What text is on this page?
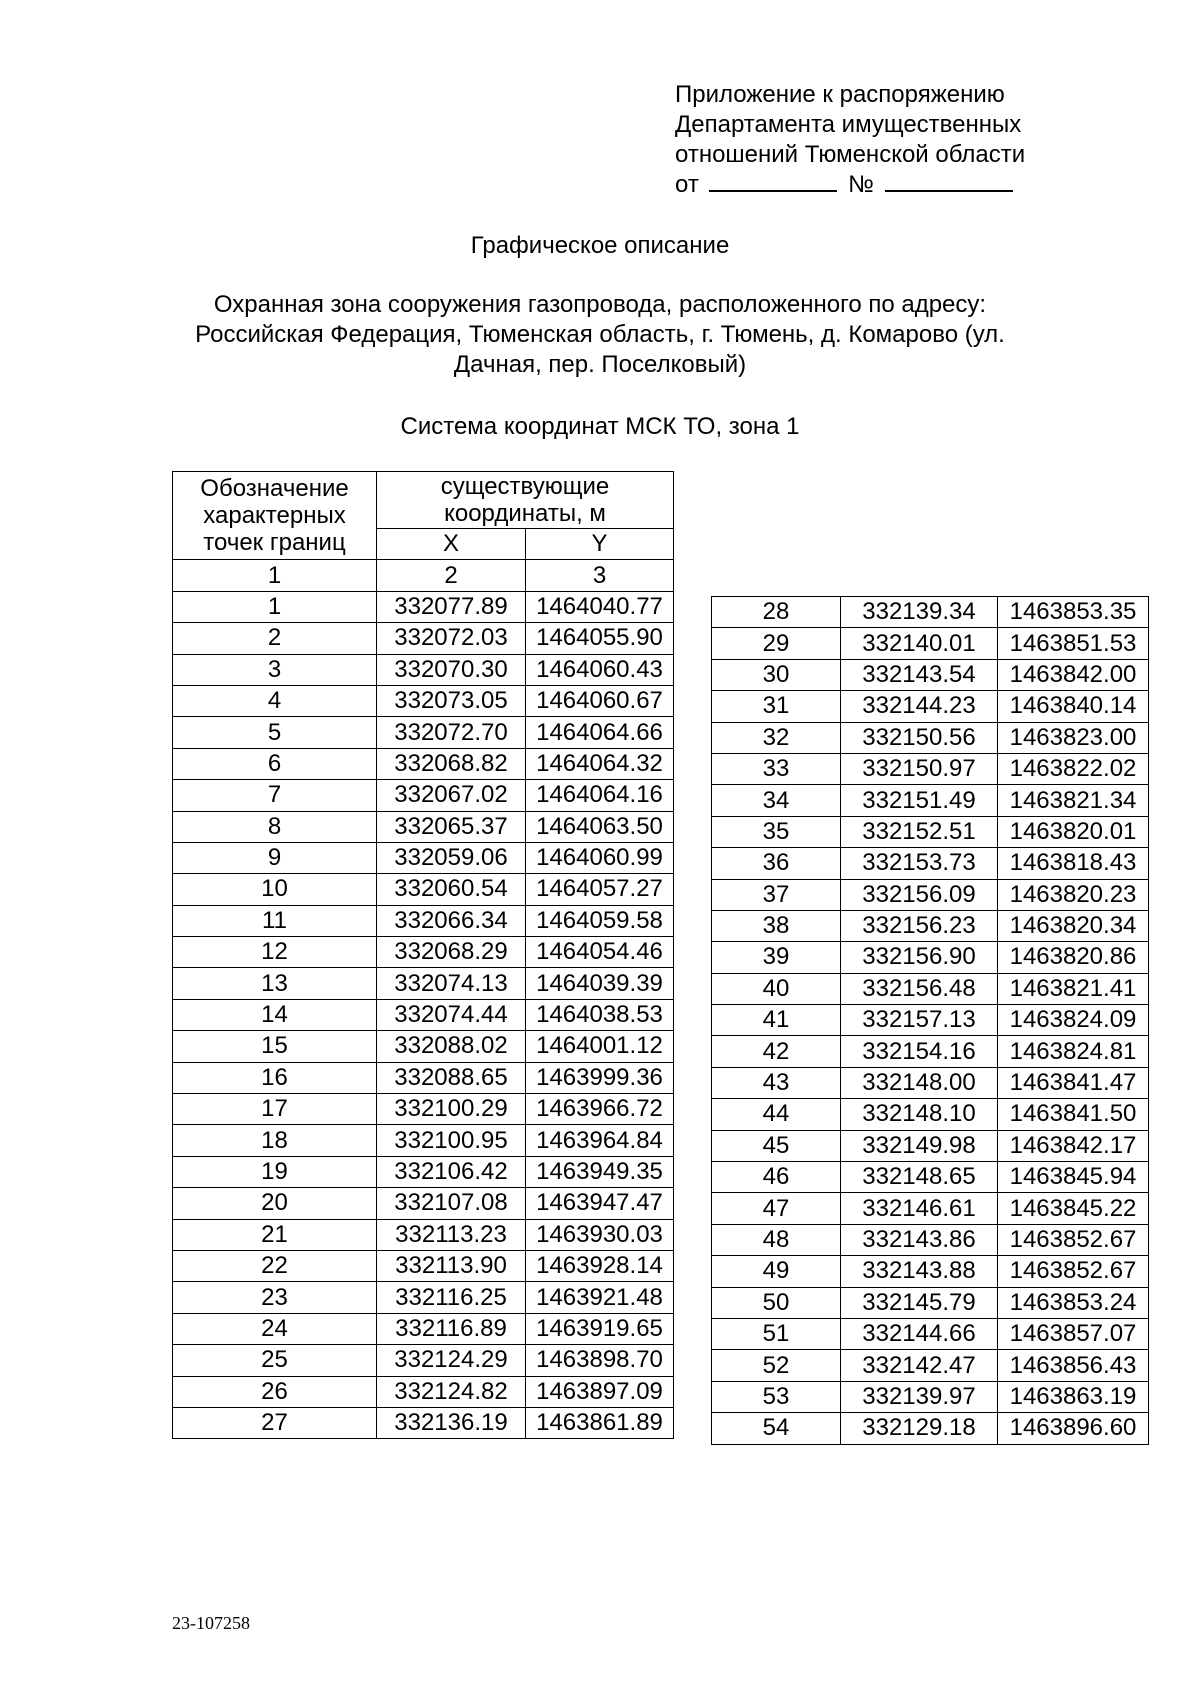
Приложение к распоряжению
Департамента имущественных
отношений Тюменской области
от	№
Графическое описание
Охранная зона сооружения газопровода, расположенного по адресу:
Российская Федерация, Тюменская область, г. Тюмень, д. Комарово (ул.
Дачная, пер. Поселковый)
Система координат МСК ТО, зона 1
Обозначение характерных точек границ	существующие координаты, м	
	X	Y
1	2	3
1	332077.89	1464040.77
2	332072.03	1464055.90
3	332070.30	1464060.43
4	332073.05	1464060.67
5	332072.70	1464064.66
6	332068.82	1464064.32
7	332067.02	1464064.16
8	332065.37	1464063.50
9	332059.06	1464060.99
10	332060.54	1464057.27
11	332066.34	1464059.58
12	332068.29	1464054.46
13	332074.13	1464039.39
14	332074.44	1464038.53
15	332088.02	1464001.12
16	332088.65	1463999.36
17	332100.29	1463966.72
18	332100.95	1463964.84
19	332106.42	1463949.35
20	332107.08	1463947.47
21	332113.23	1463930.03
22	332113.90	1463928.14
23	332116.25	1463921.48
24	332116.89	1463919.65
25	332124.29	1463898.70
26	332124.82	1463897.09
27	332136.19	1463861.89
28	332139.34	1463853.35
29	332140.01	1463851.53
30	332143.54	1463842.00
31	332144.23	1463840.14
32	332150.56	1463823.00
33	332150.97	1463822.02
34	332151.49	1463821.34
35	332152.51	1463820.01
36	332153.73	1463818.43
37	332156.09	1463820.23
38	332156.23	1463820.34
39	332156.90	1463820.86
40	332156.48	1463821.41
41	332157.13	1463824.09
42	332154.16	1463824.81
43	332148.00	1463841.47
44	332148.10	1463841.50
45	332149.98	1463842.17
46	332148.65	1463845.94
47	332146.61	1463845.22
48	332143.86	1463852.67
49	332143.88	1463852.67
50	332145.79	1463853.24
51	332144.66	1463857.07
52	332142.47	1463856.43
53	332139.97	1463863.19
54	332129.18	1463896.60
23-107258
